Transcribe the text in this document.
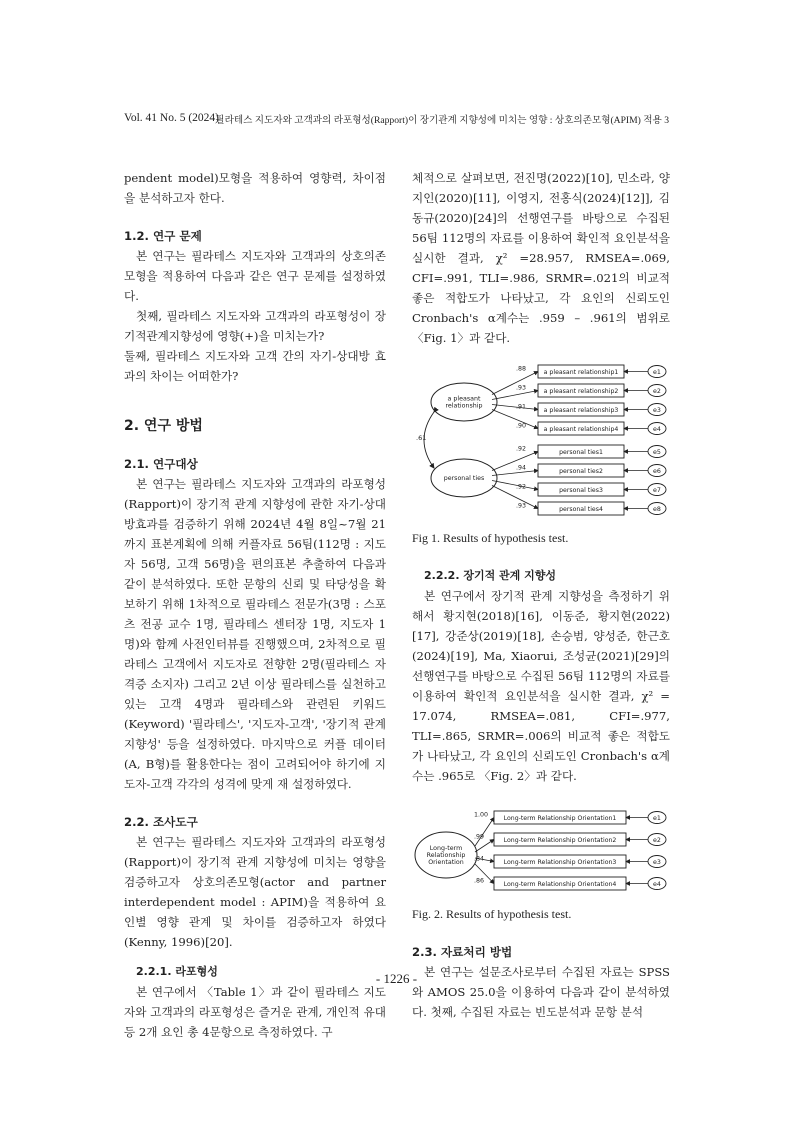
Vol. 41 No. 5 (2024)
필라테스 지도자와 고객과의 라포형성(Rapport)이 장기관계 지향성에 미치는 영향 : 상호의존모형(APIM) 적용 3

pendent model)모형을 적용하여 영향력, 차이점을 분석하고자 한다.

1.2. 연구 문제

본 연구는 필라테스 지도자와 고객과의 상호의존모형을 적용하여 다음과 같은 연구 문제를 설정하였다.

첫째, 필라테스 지도자와 고객과의 라포형성이 장기적관계지향성에 영향(+)을 미치는가?

둘째, 필라테스 지도자와 고객 간의 자기-상대방 효과의 차이는 어떠한가?

2. 연구 방법

2.1. 연구대상

본 연구는 필라테스 지도자와 고객과의 라포형성(Rapport)이 장기적 관계 지향성에 관한 자기-상대방효과를 검증하기 위해 2024년 4월 8일~7월 21까지 표본계획에 의해 커플자료 56팀(112명 : 지도자 56명, 고객 56명)을 편의표본 추출하여 다음과 같이 분석하였다. 또한 문항의 신뢰 및 타당성을 확보하기 위해 1차적으로 필라테스 전문가(3명 : 스포츠 전공 교수 1명, 필라테스 센터장 1명, 지도자 1명)와 함께 사전인터뷰를 진행했으며, 2차적으로 필라테스 고객에서 지도자로 전향한 2명(필라테스 자격증 소지자) 그리고 2년 이상 필라테스를 실천하고 있는 고객 4명과 필라테스와 관련된 키워드(Keyword) '필라테스', '지도자-고객', '장기적 관계 지향성' 등을 설정하였다. 마지막으로 커플 데이터(A, B형)를 활용한다는 점이 고려되어야 하기에 지도자-고객 각각의 성격에 맞게 재 설정하였다.

2.2. 조사도구

본 연구는 필라테스 지도자와 고객과의 라포형성(Rapport)이 장기적 관계 지향성에 미치는 영향을 검증하고자 상호의존모형(actor and partner interdependent model : APIM)을 적용하여 요인별 영향 관계 및 차이를 검증하고자 하였다(Kenny, 1996)[20].

2.2.1. 라포형성

본 연구에서 〈Table 1〉과 같이 필라테스 지도자와 고객과의 라포형성은 즐거운 관계, 개인적 유대 등 2개 요인 총 4문항으로 측정하였다. 구

체적으로 살펴보면, 전진명(2022)[10], 민소라, 양지인(2020)[11], 이영지, 전홍식(2024)[12]], 김동규(2020)[24]의 선행연구를 바탕으로 수집된 56팀 112명의 자료를 이용하여 확인적 요인분석을 실시한 결과, χ² =28.957, RMSEA=.069, CFI=.991, TLI=.986, SRMR=.021의 비교적 좋은 적합도가 나타났고, 각 요인의 신뢰도인 Cronbach's α계수는 .959 – .961의 범위로 〈Fig. 1〉과 같다.

a pleasant relationship
personal ties
.61
a pleasant relationship1
.88	e1
a pleasant relationship2
.93	e2
a pleasant relationship3
.91	e3
a pleasant relationship4
.90	e4
personal ties1
.92	e5
personal ties2
.94	e6
personal ties3
.92	e7
personal ties4
.93	e8

Fig 1. Results of hypothesis test.

2.2.2. 장기적 관계 지향성

본 연구에서 장기적 관계 지향성을 측정하기 위해서 황지현(2018)[16], 이동준, 황지현(2022)[17], 강준상(2019)[18], 손승범, 양성준, 한근호(2024)[19], Ma, Xiaorui, 조성균(2021)[29]의 선행연구를 바탕으로 수집된 56팀 112명의 자료를 이용하여 확인적 요인분석을 실시한 결과, χ² = 17.074, RMSEA=.081, CFI=.977, TLI=.865, SRMR=.006의 비교적 좋은 적합도가 나타났고, 각 요인의 신뢰도인 Cronbach's α계수는 .965로 〈Fig. 2〉과 같다.

Long-term Relationship Orientation
Long-term Relationship Orientation1
1.00	e1
Long-term Relationship Orientation2
.99	e2
Long-term Relationship Orientation3
.84	e3
Long-term Relationship Orientation4
.86	e4

Fig. 2. Results of hypothesis test.

2.3. 자료처리 방법

본 연구는 설문조사로부터 수집된 자료는 SPSS와 AMOS 25.0을 이용하여 다음과 같이 분석하였다. 첫째, 수집된 자료는 빈도분석과 문항 분석

- 1226 -
